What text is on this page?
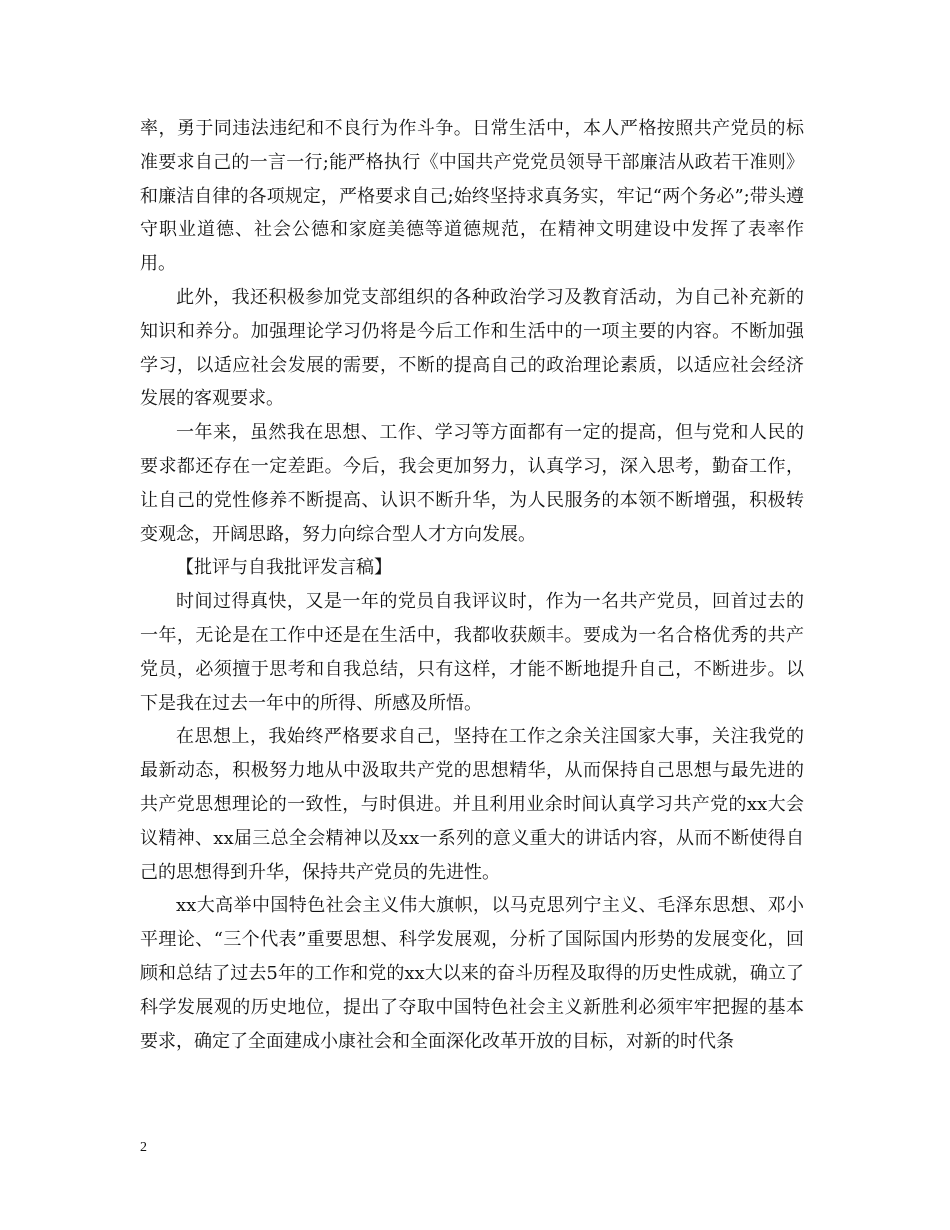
率，勇于同违法违纪和不良行为作斗争。日常生活中，本人严格按照共产党员的标准要求自己的一言一行;能严格执行《中国共产党党员领导干部廉洁从政若干准则》和廉洁自律的各项规定，严格要求自己;始终坚持求真务实，牢记“两个务必”;带头遵守职业道德、社会公德和家庭美德等道德规范，在精神文明建设中发挥了表率作用。

此外，我还积极参加党支部组织的各种政治学习及教育活动，为自己补充新的知识和养分。加强理论学习仍将是今后工作和生活中的一项主要的内容。不断加强学习，以适应社会发展的需要，不断的提高自己的政治理论素质，以适应社会经济发展的客观要求。

一年来，虽然我在思想、工作、学习等方面都有一定的提高，但与党和人民的要求都还存在一定差距。今后，我会更加努力，认真学习，深入思考，勤奋工作，让自己的党性修养不断提高、认识不断升华，为人民服务的本领不断增强，积极转变观念，开阔思路，努力向综合型人才方向发展。

【批评与自我批评发言稿】

时间过得真快，又是一年的党员自我评议时，作为一名共产党员，回首过去的一年，无论是在工作中还是在生活中，我都收获颇丰。要成为一名合格优秀的共产党员，必须擅于思考和自我总结，只有这样，才能不断地提升自己，不断进步。以下是我在过去一年中的所得、所感及所悟。

在思想上，我始终严格要求自己，坚持在工作之余关注国家大事，关注我党的最新动态，积极努力地从中汲取共产党的思想精华，从而保持自己思想与最先进的共产党思想理论的一致性，与时俱进。并且利用业余时间认真学习共产党的xx大会议精神、xx届三总全会精神以及xx一系列的意义重大的讲话内容，从而不断使得自己的思想得到升华，保持共产党员的先进性。

xx大高举中国特色社会主义伟大旗帜，以马克思列宁主义、毛泽东思想、邓小平理论、“三个代表”重要思想、科学发展观，分析了国际国内形势的发展变化，回顾和总结了过去5年的工作和党的xx大以来的奋斗历程及取得的历史性成就，确立了科学发展观的历史地位，提出了夺取中国特色社会主义新胜利必须牢牢把握的基本要求，确定了全面建成小康社会和全面深化改革开放的目标，对新的时代条

2
